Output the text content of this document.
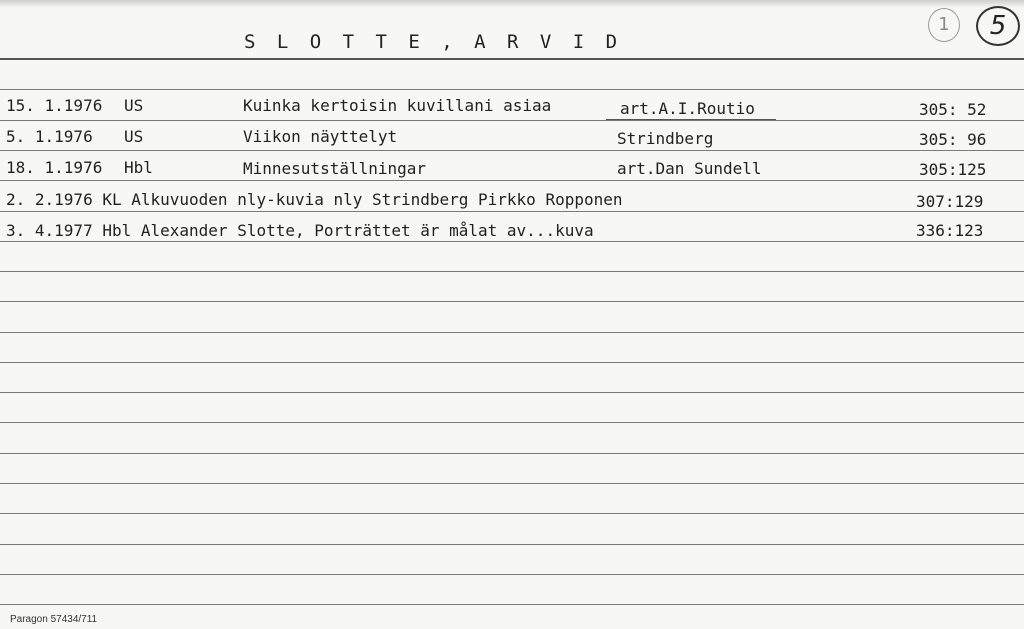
S L O T T E , A R V I D
1	5
15. 1.1976 US	Kuinka kertoisin kuvillani asiaa	art.A.I.Routio	305: 52
5. 1.1976 US	Viikon näyttelyt	Strindberg	305: 96
18. 1.1976 Hbl	Minnesutställningar	art.Dan Sundell	305:125
2. 2.1976 KL Alkuvuoden nly-kuvia nly Strindberg Pirkko Ropponen	307:129
3. 4.1977 Hbl Alexander Slotte, Porträttet är målat av...kuva	336:123
Paragon 57434/711
